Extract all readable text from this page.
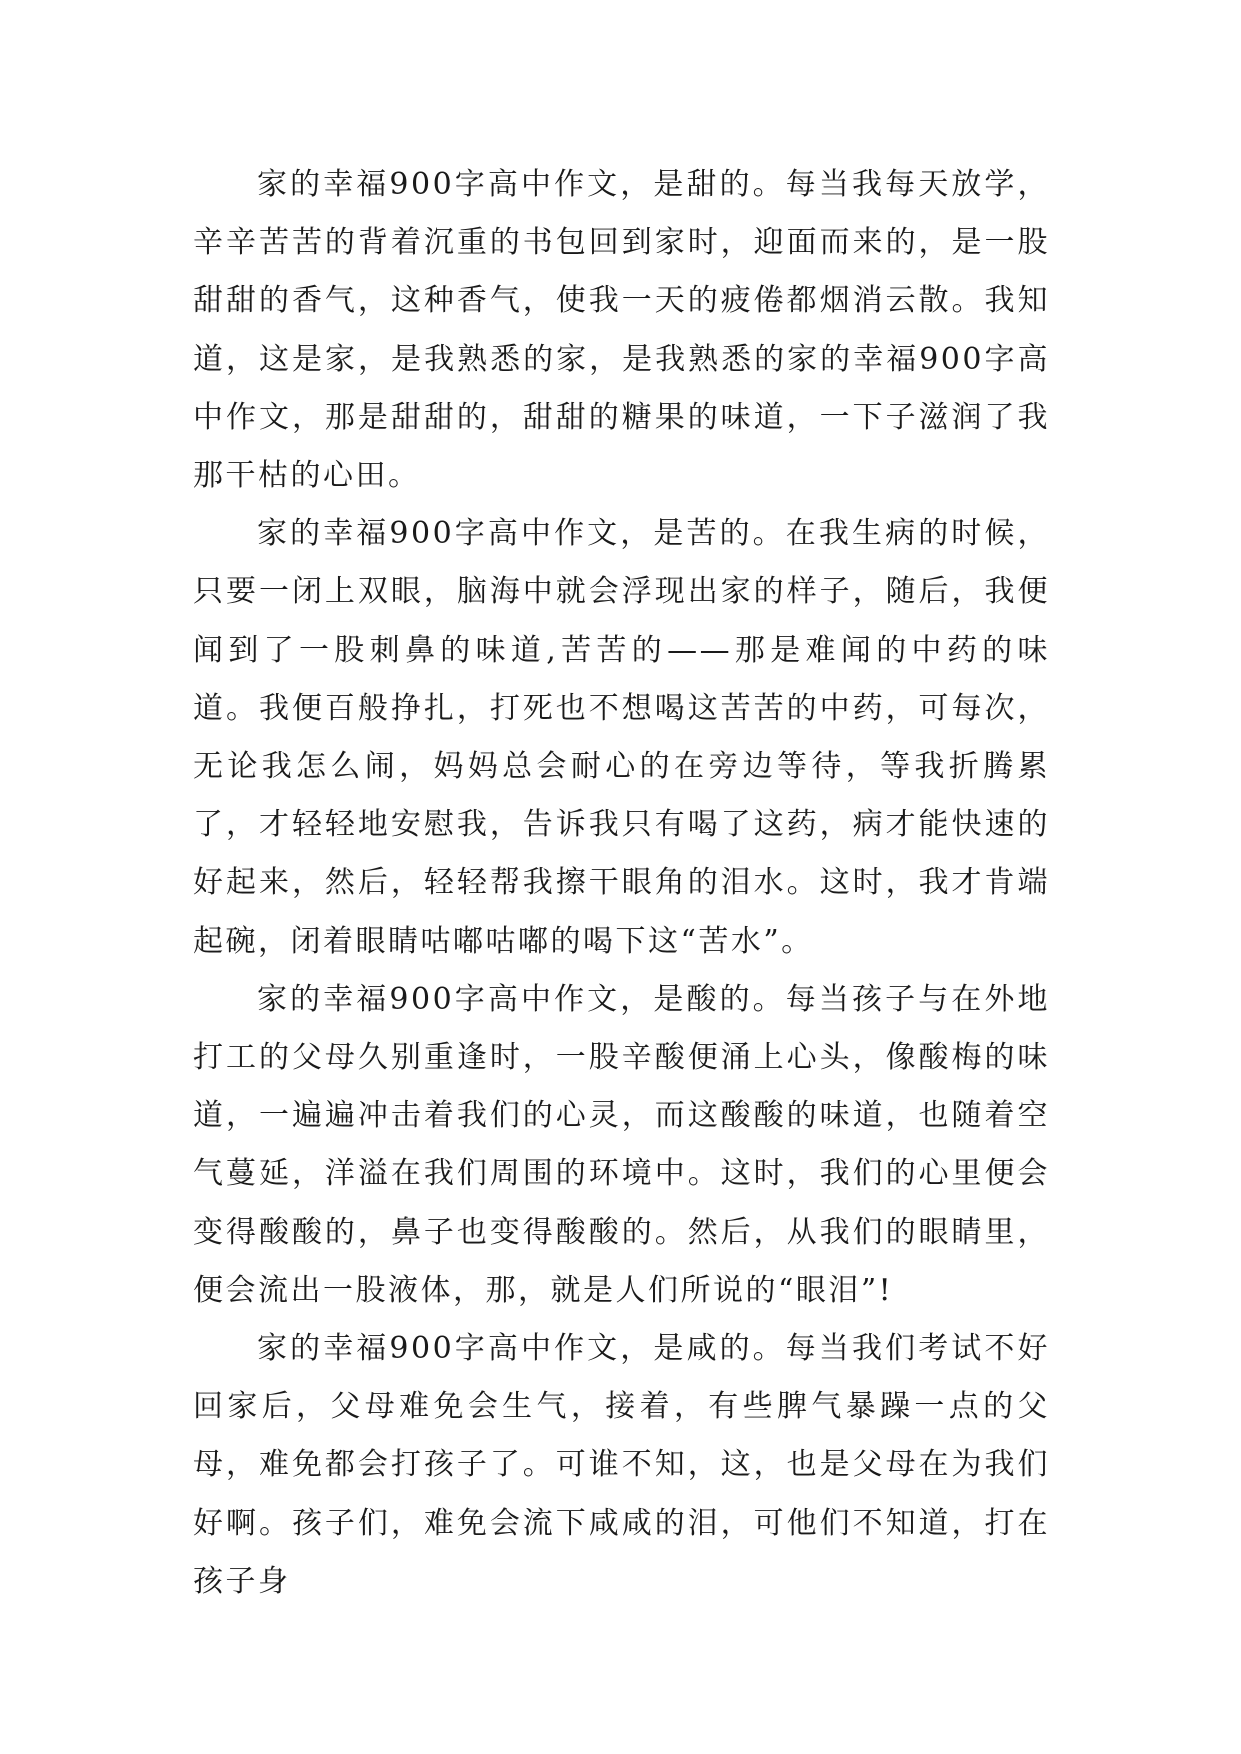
家的幸福900字高中作文，是甜的。每当我每天放学，辛辛苦苦的背着沉重的书包回到家时，迎面而来的，是一股甜甜的香气，这种香气，使我一天的疲倦都烟消云散。我知道，这是家，是我熟悉的家，是我熟悉的家的幸福900字高中作文，那是甜甜的，甜甜的糖果的味道，一下子滋润了我那干枯的心田。

家的幸福900字高中作文，是苦的。在我生病的时候，只要一闭上双眼，脑海中就会浮现出家的样子，随后，我便闻到了一股刺鼻的味道,苦苦的——那是难闻的中药的味道。我便百般挣扎，打死也不想喝这苦苦的中药，可每次，无论我怎么闹，妈妈总会耐心的在旁边等待，等我折腾累了，才轻轻地安慰我，告诉我只有喝了这药，病才能快速的好起来，然后，轻轻帮我擦干眼角的泪水。这时，我才肯端起碗，闭着眼睛咕嘟咕嘟的喝下这“苦水”。

家的幸福900字高中作文，是酸的。每当孩子与在外地打工的父母久别重逢时，一股辛酸便涌上心头，像酸梅的味道，一遍遍冲击着我们的心灵，而这酸酸的味道，也随着空气蔓延，洋溢在我们周围的环境中。这时，我们的心里便会变得酸酸的，鼻子也变得酸酸的。然后，从我们的眼睛里，便会流出一股液体，那，就是人们所说的“眼泪”!

家的幸福900字高中作文，是咸的。每当我们考试不好回家后，父母难免会生气，接着，有些脾气暴躁一点的父母，难免都会打孩子了。可谁不知，这，也是父母在为我们好啊。孩子们，难免会流下咸咸的泪，可他们不知道，打在孩子身
